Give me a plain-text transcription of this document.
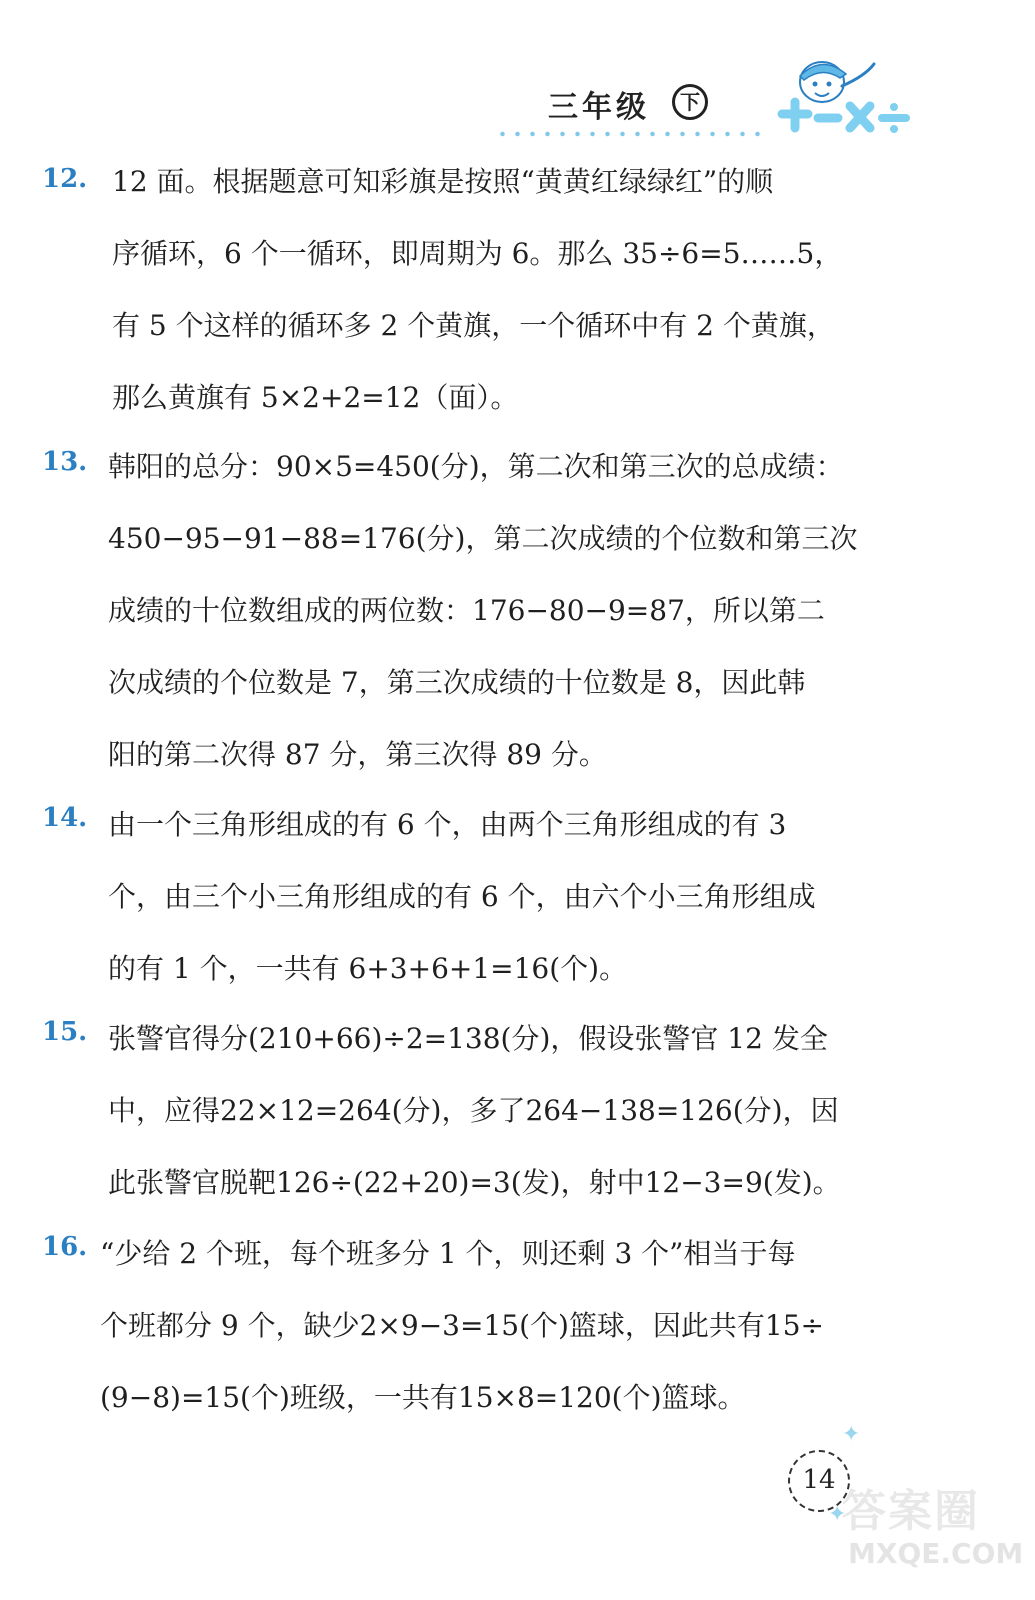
三年级	下
12. 12 面。根据题意可知彩旗是按照“黄黄红绿绿红”的顺
序循环，6 个一循环，即周期为 6。那么 35÷6=5……5，
有 5 个这样的循环多 2 个黄旗，一个循环中有 2 个黄旗，
那么黄旗有 5×2+2=12（面）。
13. 韩阳的总分：90×5=450(分)，第二次和第三次的总成绩：
450−95−91−88=176(分)，第二次成绩的个位数和第三次
成绩的十位数组成的两位数：176−80−9=87，所以第二
次成绩的个位数是 7，第三次成绩的十位数是 8，因此韩
阳的第二次得 87 分，第三次得 89 分。
14. 由一个三角形组成的有 6 个，由两个三角形组成的有 3
个，由三个小三角形组成的有 6 个，由六个小三角形组成
的有 1 个，一共有 6+3+6+1=16(个)。
15. 张警官得分(210+66)÷2=138(分)，假设张警官 12 发全
中，应得22×12=264(分)，多了264−138=126(分)，因
此张警官脱靶126÷(22+20)=3(发)，射中12−3=9(发)。
16. “少给 2 个班，每个班多分 1 个，则还剩 3 个”相当于每
个班都分 9 个，缺少2×9−3=15(个)篮球，因此共有15÷
(9−8)=15(个)班级，一共有15×8=120(个)篮球。
✦
✦
14
答案圈
MXQE.COM
